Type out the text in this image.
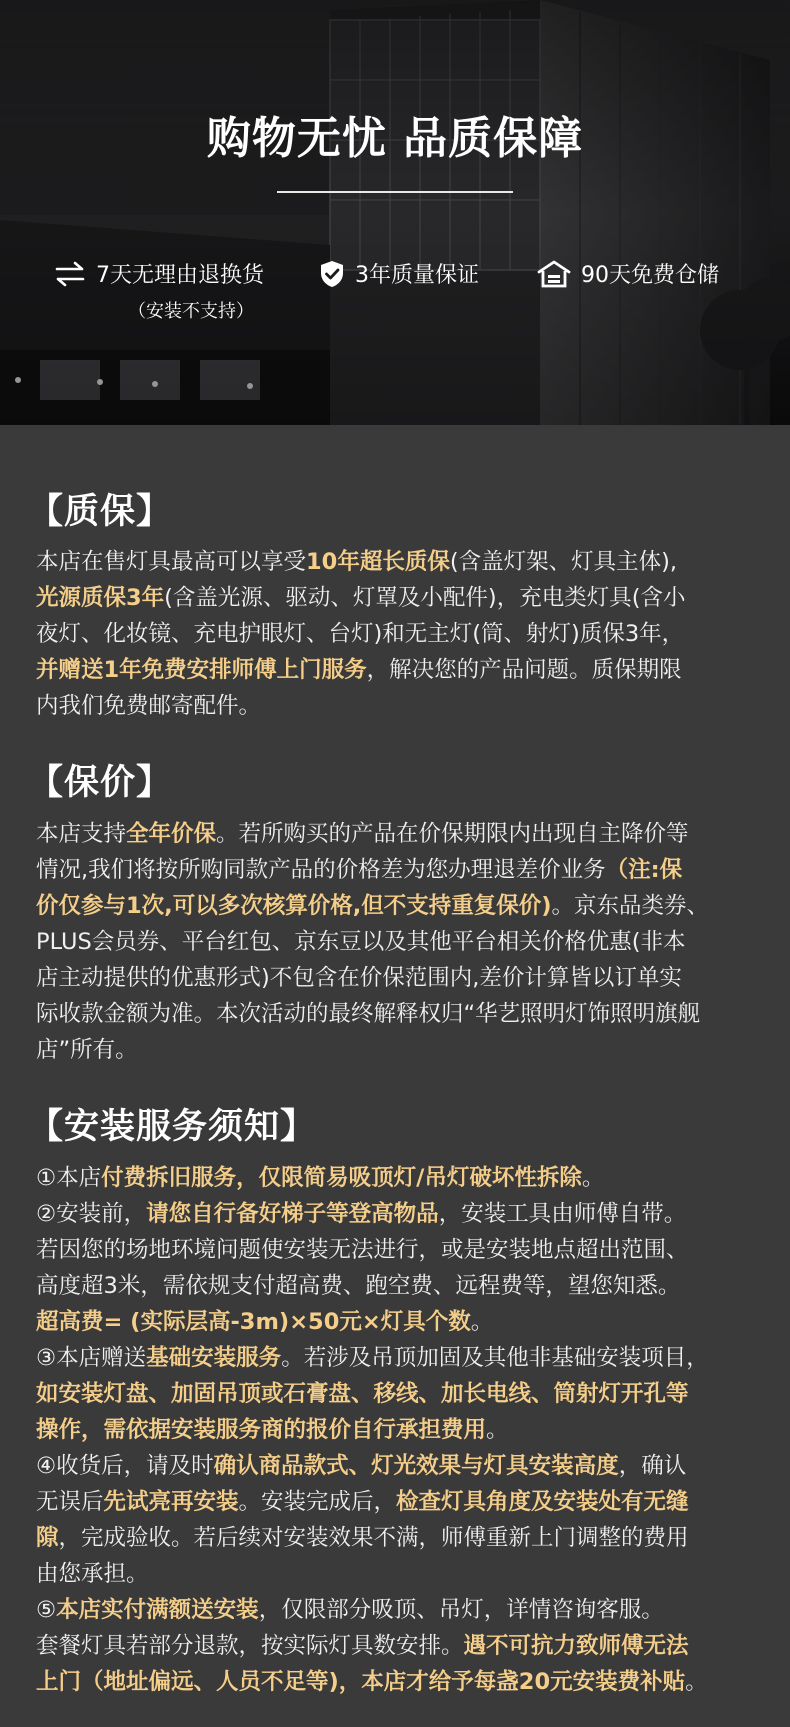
购物无忧 品质保障
7天无理由退换货
（安装不支持）
3年质量保证	90天免费仓储
【质保】
本店在售灯具最高可以享受10年超长质保(含盖灯架、灯具主体),
光源质保3年(含盖光源、驱动、灯罩及小配件)，充电类灯具(含小
夜灯、化妆镜、充电护眼灯、台灯)和无主灯(筒、射灯)质保3年，
并赠送1年免费安排师傅上门服务，解决您的产品问题。质保期限
内我们免费邮寄配件。
【保价】
本店支持全年价保。若所购买的产品在价保期限内出现自主降价等
情况,我们将按所购同款产品的价格差为您办理退差价业务（注:保
价仅参与1次,可以多次核算价格,但不支持重复保价)。京东品类券、
PLUS会员券、平台红包、京东豆以及其他平台相关价格优惠(非本
店主动提供的优惠形式)不包含在价保范围内,差价计算皆以订单实
际收款金额为准。本次活动的最终解释权归“华艺照明灯饰照明旗舰
店”所有。
【安装服务须知】
①本店付费拆旧服务，仅限简易吸顶灯/吊灯破坏性拆除。
②安装前，请您自行备好梯子等登高物品，安装工具由师傅自带。
若因您的场地环境问题使安装无法进行，或是安装地点超出范围、
高度超3米，需依规支付超高费、跑空费、远程费等，望您知悉。
超高费= (实际层高-3m)×50元×灯具个数。
③本店赠送基础安装服务。若涉及吊顶加固及其他非基础安装项目，
如安装灯盘、加固吊顶或石膏盘、移线、加长电线、筒射灯开孔等
操作，需依据安装服务商的报价自行承担费用。
④收货后，请及时确认商品款式、灯光效果与灯具安装高度，确认
无误后先试亮再安装。安装完成后，检查灯具角度及安装处有无缝
隙，完成验收。若后续对安装效果不满，师傅重新上门调整的费用
由您承担。
⑤本店实付满额送安装，仅限部分吸顶、吊灯，详情咨询客服。
套餐灯具若部分退款，按实际灯具数安排。遇不可抗力致师傅无法
上门（地址偏远、人员不足等)，本店才给予每盏20元安装费补贴。
